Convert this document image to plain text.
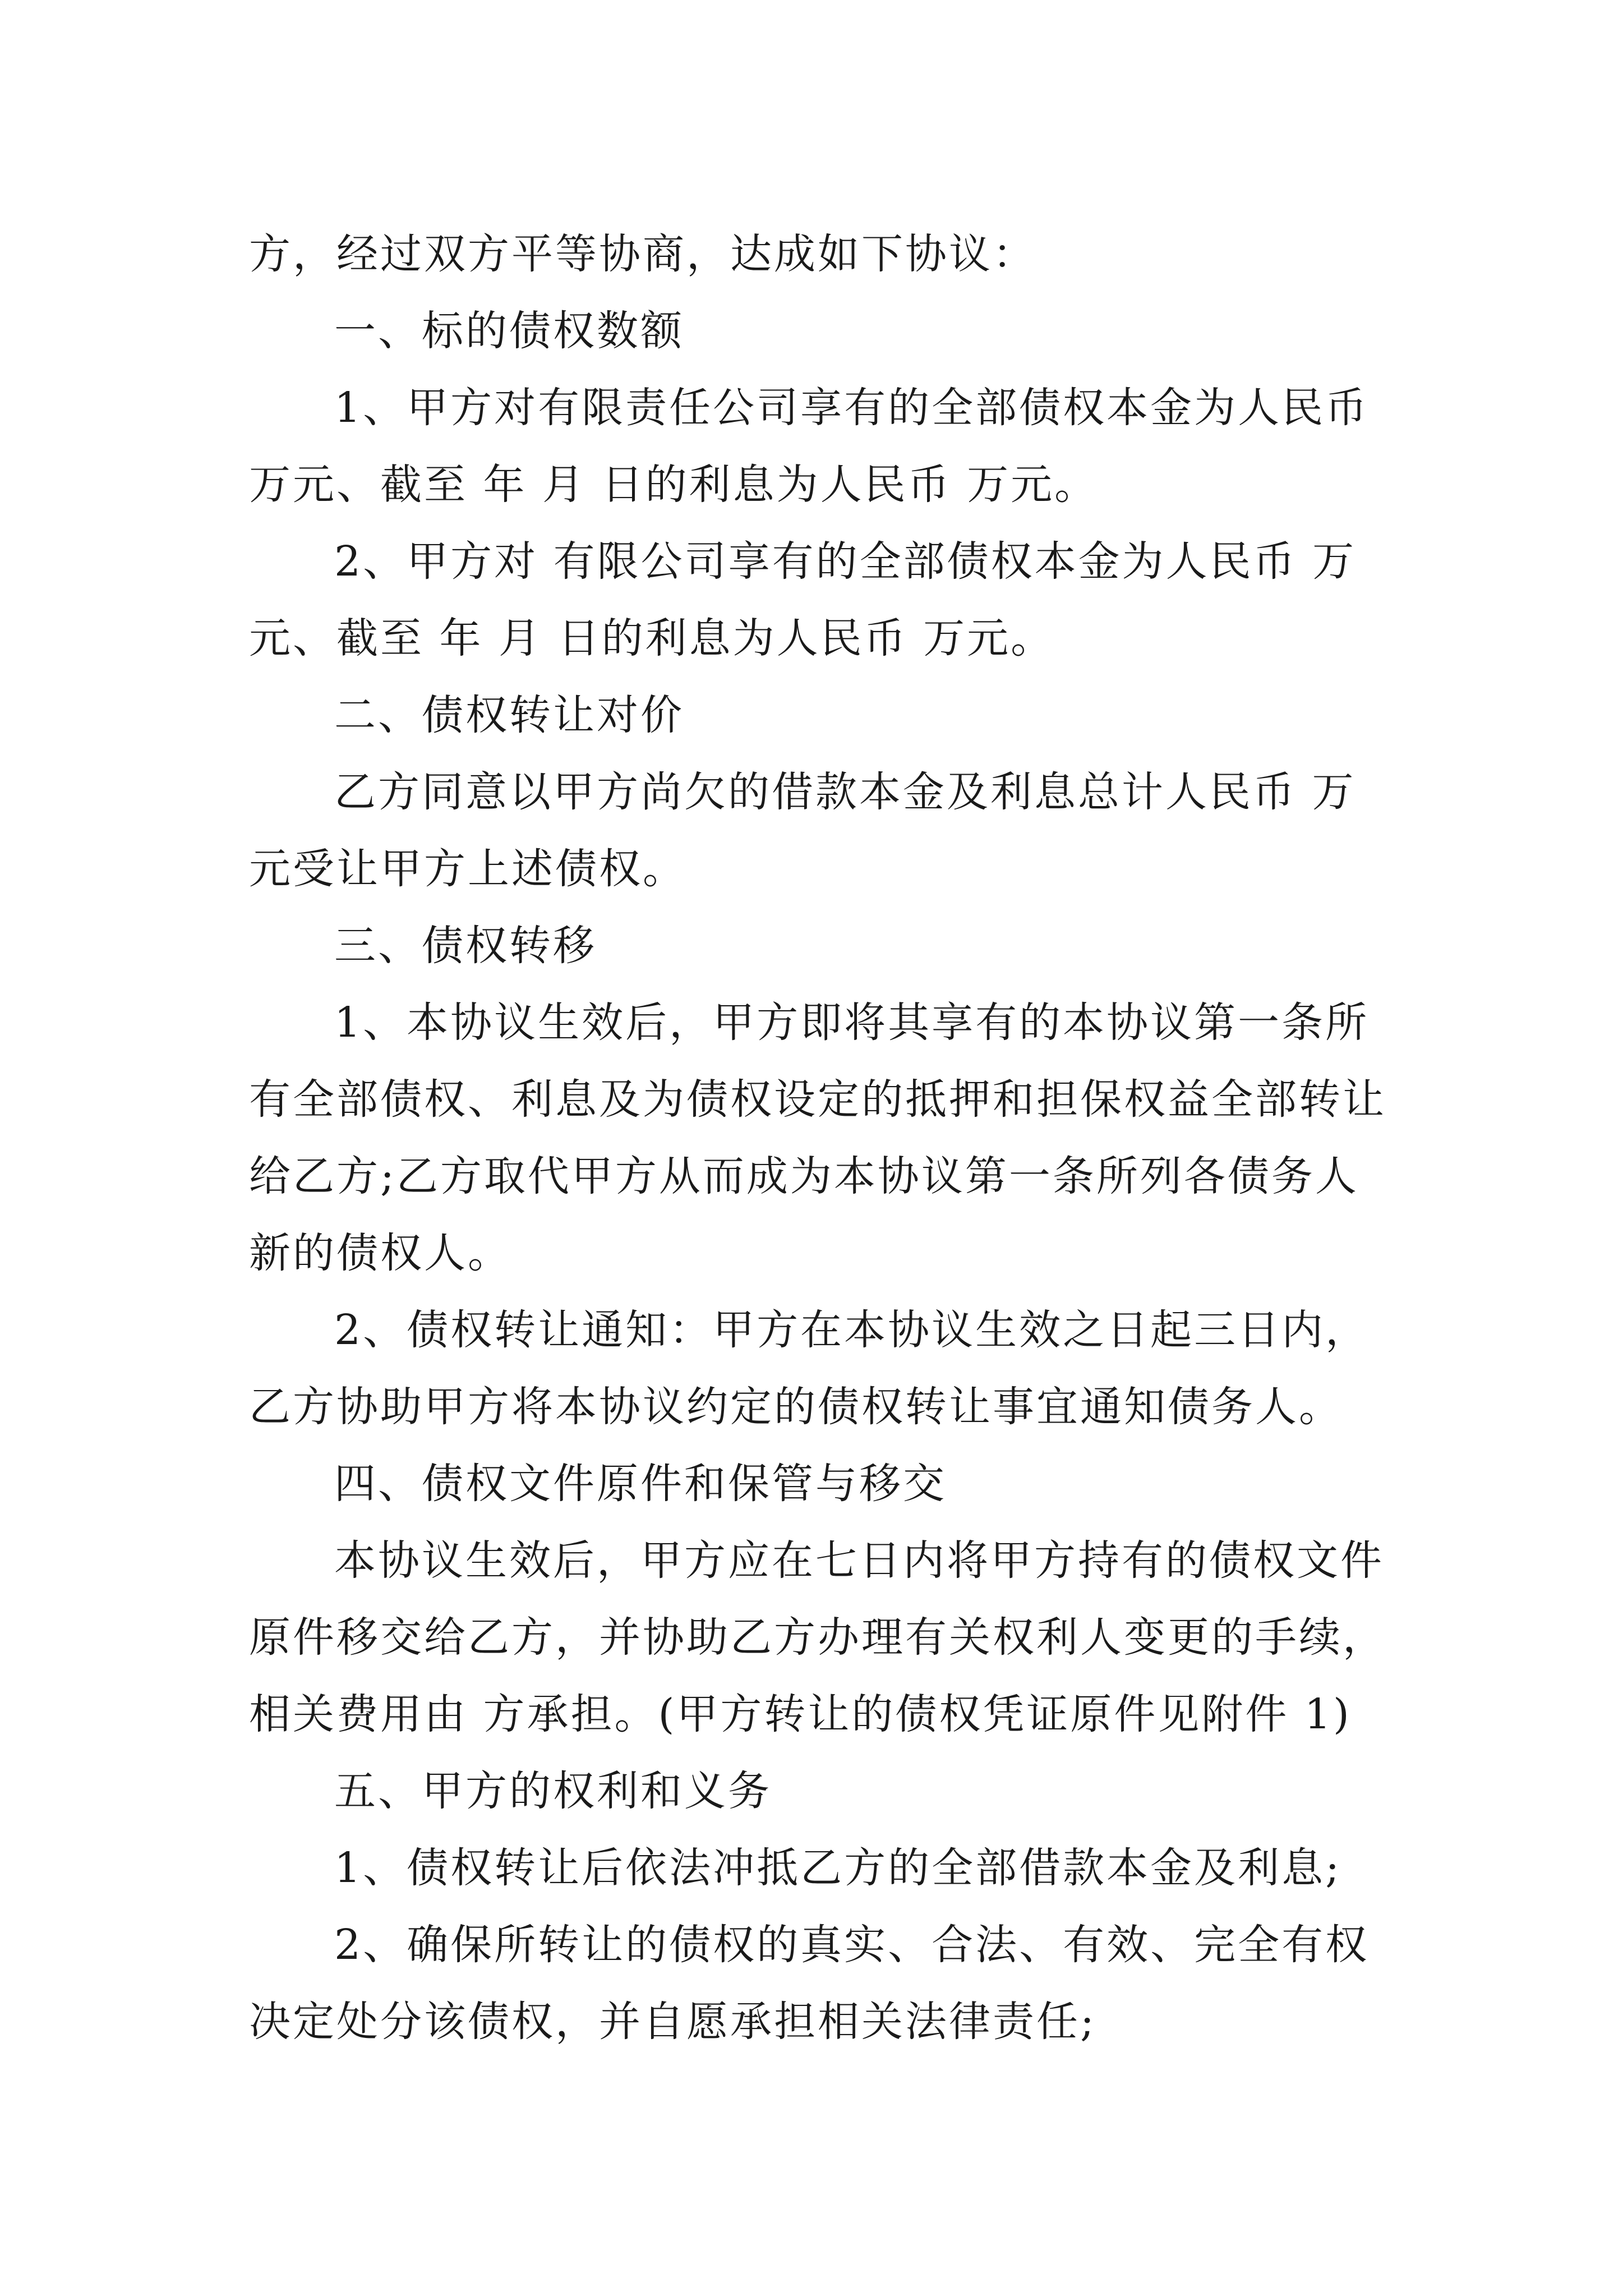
方，经过双方平等协商，达成如下协议：
一、标的债权数额
1、甲方对有限责任公司享有的全部债权本金为人民币
万元、截至 年 月 日的利息为人民币 万元。
2、甲方对 有限公司享有的全部债权本金为人民币 万
元、截至 年 月 日的利息为人民币 万元。
二、债权转让对价
乙方同意以甲方尚欠的借款本金及利息总计人民币 万
元受让甲方上述债权。
三、债权转移
1、本协议生效后，甲方即将其享有的本协议第一条所
有全部债权、利息及为债权设定的抵押和担保权益全部转让
给乙方;乙方取代甲方从而成为本协议第一条所列各债务人
新的债权人。
2、债权转让通知：甲方在本协议生效之日起三日内，
乙方协助甲方将本协议约定的债权转让事宜通知债务人。
四、债权文件原件和保管与移交
本协议生效后，甲方应在七日内将甲方持有的债权文件
原件移交给乙方，并协助乙方办理有关权利人变更的手续，
相关费用由 方承担。(甲方转让的债权凭证原件见附件 1)
五、甲方的权利和义务
1、债权转让后依法冲抵乙方的全部借款本金及利息;
2、确保所转让的债权的真实、合法、有效、完全有权
决定处分该债权，并自愿承担相关法律责任;
